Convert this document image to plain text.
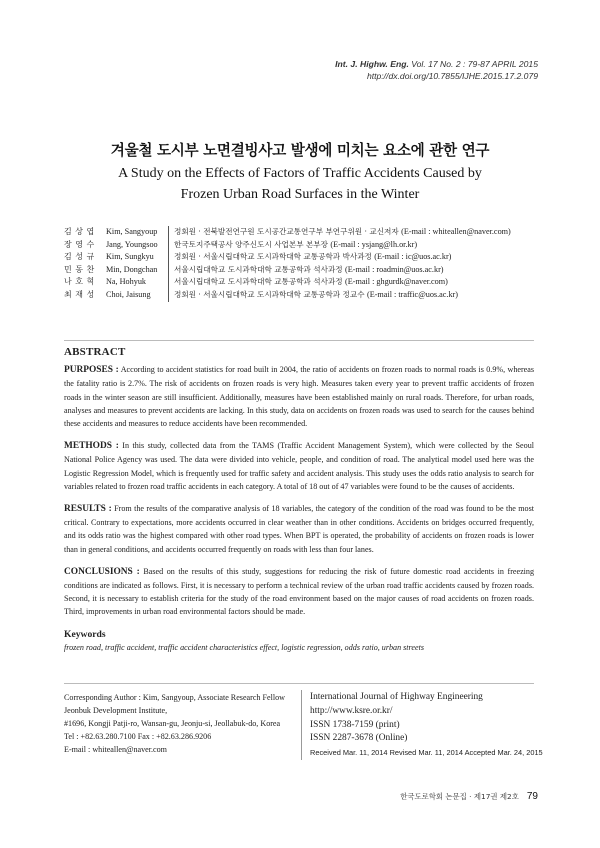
Int. J. Highw. Eng. Vol. 17 No. 2 : 79-87 APRIL 2015
http://dx.doi.org/10.7855/IJHE.2015.17.2.079
겨울철 도시부 노면결빙사고 발생에 미치는 요소에 관한 연구
A Study on the Effects of Factors of Traffic Accidents Caused by
Frozen Urban Road Surfaces in the Winter
김 상 엽	Kim, Sangyoup	정회원 · 전북발전연구원 도시공간교통연구부 부연구위원 · 교신저자 (E-mail : whiteallen@naver.com)
장 영 수	Jang, Youngsoo	한국토지주택공사 양주신도시 사업본부 본부장 (E-mail : ysjang@lh.or.kr)
김 성 규	Kim, Sungkyu	정회원 · 서울시립대학교 도시과학대학 교통공학과 박사과정 (E-mail : ic@uos.ac.kr)
민 동 찬	Min, Dongchan	서울시립대학교 도시과학대학 교통공학과 석사과정 (E-mail : roadmin@uos.ac.kr)
나 호 혁	Na, Hohyuk	서울시립대학교 도시과학대학 교통공학과 석사과정 (E-mail : ghgurdk@naver.com)
최 재 성	Choi, Jaisung	정회원 · 서울시립대학교 도시과학대학 교통공학과 정교수 (E-mail : traffic@uos.ac.kr)
ABSTRACT

PURPOSES : According to accident statistics for road built in 2004, the ratio of accidents on frozen roads to normal roads is 0.9%, whereas the fatality ratio is 2.7%. The risk of accidents on frozen roads is very high. Measures taken every year to prevent traffic accidents of frozen roads in the winter season are still insufficient. Additionally, measures have been established mainly on rural roads. Therefore, for urban roads, analyses and measures to prevent accidents are lacking. In this study, data on accidents on frozen roads was used to search for the causes behind these accidents and measures to reduce accidents have been recommended.

METHODS : In this study, collected data from the TAMS (Traffic Accident Management System), which were collected by the Seoul National Police Agency was used. The data were divided into vehicle, people, and condition of road. The analytical model used here was the Logistic Regression Model, which is frequently used for traffic safety and accident analysis. This study uses the odds ratio analysis to search for variables related to frozen road traffic accidents in each category. A total of 18 out of 47 variables were found to be the causes of accidents.

RESULTS : From the results of the comparative analysis of 18 variables, the category of the condition of the road was found to be the most critical. Contrary to expectations, more accidents occurred in clear weather than in other conditions. Accidents on bridges occurred frequently, and its odds ratio was the highest compared with other road types. When BPT is operated, the probability of accidents on frozen roads is lower than in general conditions, and accidents occurred frequently on roads with less than four lanes.

CONCLUSIONS : Based on the results of this study, suggestions for reducing the risk of future domestic road accidents in freezing conditions are indicated as follows. First, it is necessary to perform a technical review of the urban road traffic accidents caused by frozen roads. Second, it is necessary to establish criteria for the study of the road environment based on the major causes of road accidents on frozen roads. Third, improvements in urban road environmental factors should be made.

Keywords
frozen road, traffic accident, traffic accident characteristics effect, logistic regression, odds ratio, urban streets
Corresponding Author : Kim, Sangyoup, Associate Research Fellow
Jeonbuk Development Institute,
#1696, Kongji Patji-ro, Wansan-gu, Jeonju-si, Jeollabuk-do, Korea
Tel : +82.63.280.7100 Fax : +82.63.286.9206
E-mail : whiteallen@naver.com
International Journal of Highway Engineering
http://www.ksre.or.kr/
ISSN 1738-7159 (print)
ISSN 2287-3678 (Online)
Received Mar. 11, 2014 Revised Mar. 11, 2014 Accepted Mar. 24, 2015
한국도로학회 논문집 · 제17권 제2호 79
